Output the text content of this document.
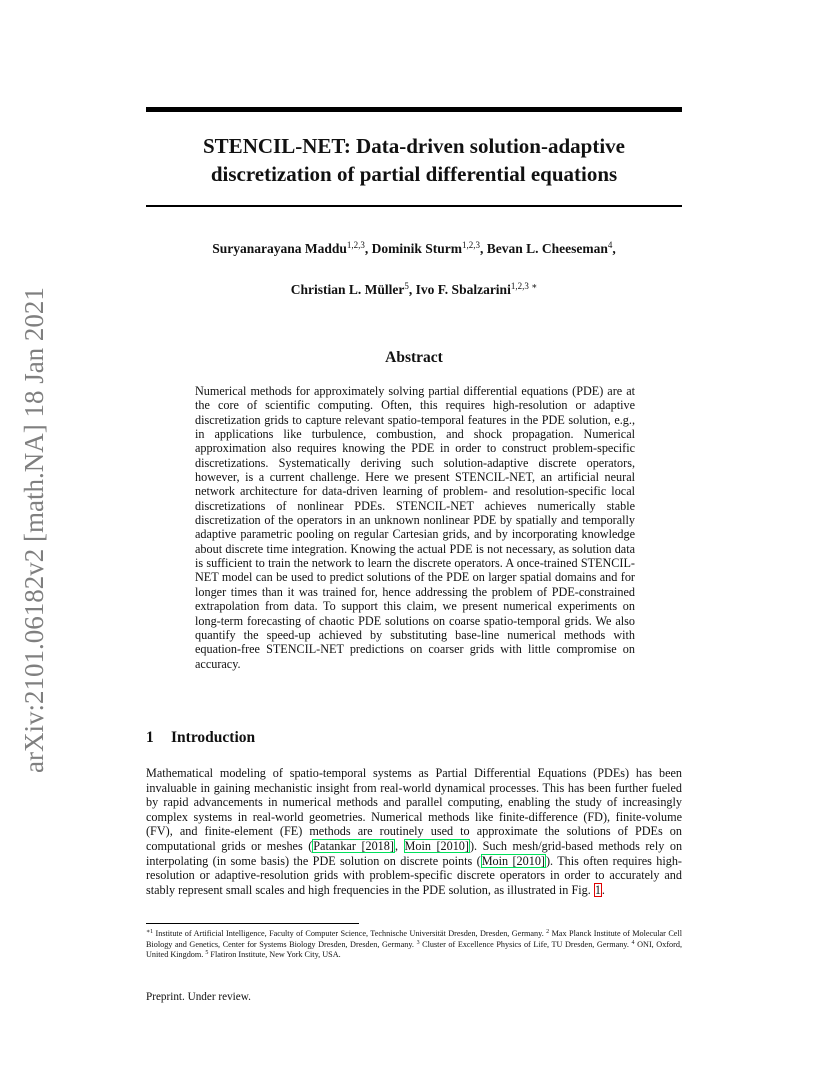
arXiv:2101.06182v2 [math.NA] 18 Jan 2021
STENCIL-NET: Data-driven solution-adaptive
discretization of partial differential equations
Suryanarayana Maddu$^{1,2,3}$, Dominik Sturm$^{1,2,3}$, Bevan L. Cheeseman$^4$,
Christian L. Müller$^5$, Ivo F. Sbalzarini$^{1,2,3 ∗}$
Abstract
Numerical methods for approximately solving partial differential equations (PDE) are at the core of scientific computing. Often, this requires high-resolution or adaptive discretization grids to capture relevant spatio-temporal features in the PDE solution, e.g., in applications like turbulence, combustion, and shock propagation. Numerical approximation also requires knowing the PDE in order to construct problem-specific discretizations. Systematically deriving such solution-adaptive discrete operators, however, is a current challenge. Here we present STENCIL-NET, an artificial neural network architecture for data-driven learning of problem- and resolution-specific local discretizations of nonlinear PDEs. STENCIL-NET achieves numerically stable discretization of the operators in an unknown nonlinear PDE by spatially and temporally adaptive parametric pooling on regular Cartesian grids, and by incorporating knowledge about discrete time integration. Knowing the actual PDE is not necessary, as solution data is sufficient to train the network to learn the discrete operators. A once-trained STENCIL-NET model can be used to predict solutions of the PDE on larger spatial domains and for longer times than it was trained for, hence addressing the problem of PDE-constrained extrapolation from data. To support this claim, we present numerical experiments on long-term forecasting of chaotic PDE solutions on coarse spatio-temporal grids. We also quantify the speed-up achieved by substituting base-line numerical methods with equation-free STENCIL-NET predictions on coarser grids with little compromise on accuracy.
1 Introduction
Mathematical modeling of spatio-temporal systems as Partial Differential Equations (PDEs) has been invaluable in gaining mechanistic insight from real-world dynamical processes. This has been further fueled by rapid advancements in numerical methods and parallel computing, enabling the study of increasingly complex systems in real-world geometries. Numerical methods like finite-difference (FD), finite-volume (FV), and finite-element (FE) methods are routinely used to approximate the solutions of PDEs on computational grids or meshes (Patankar [2018], Moin [2010]). Such mesh/grid-based methods rely on interpolating (in some basis) the PDE solution on discrete points (Moin [2010]). This often requires high-resolution or adaptive-resolution grids with problem-specific discrete operators in order to accurately and stably represent small scales and high frequencies in the PDE solution, as illustrated in Fig. 1.
$^{∗1}$ Institute of Artificial Intelligence, Faculty of Computer Science, Technische Universität Dresden, Dresden, Germany. $^2$ Max Planck Institute of Molecular Cell Biology and Genetics, Center for Systems Biology Dresden, Dresden, Germany. $^3$ Cluster of Excellence Physics of Life, TU Dresden, Germany. $^4$ ONI, Oxford, United Kingdom. $^5$ Flatiron Institute, New York City, USA.
Preprint. Under review.
